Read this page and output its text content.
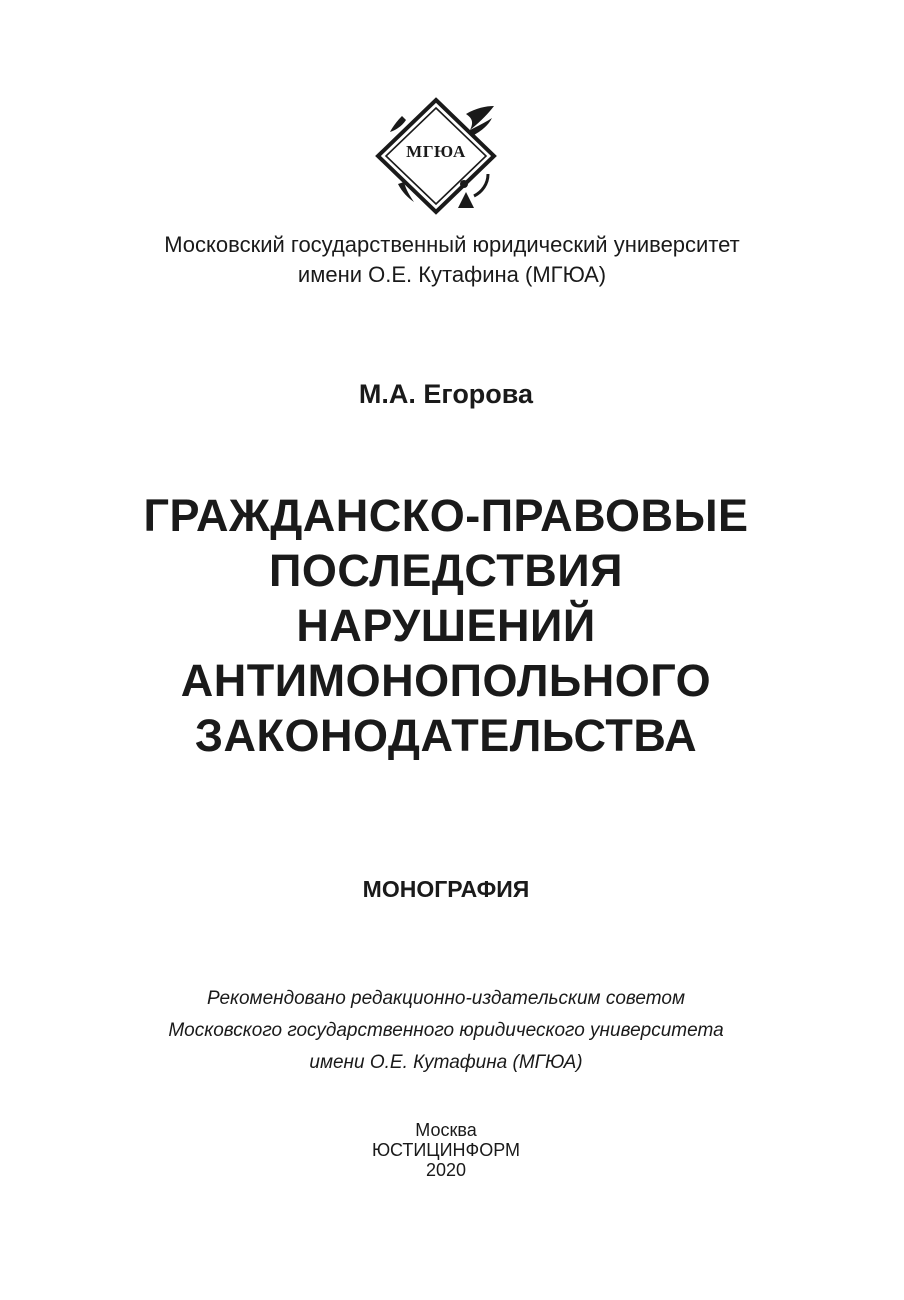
МГЮА
Московский государственный юридический университет
имени О.Е. Кутафина (МГЮА)
М.А. Егорова
ГРАЖДАНСКО-ПРАВОВЫЕ
ПОСЛЕДСТВИЯ
НАРУШЕНИЙ
АНТИМОНОПОЛЬНОГО
ЗАКОНОДАТЕЛЬСТВА
МОНОГРАФИЯ
Рекомендовано редакционно-издательским советом
Московского государственного юридического университета
имени О.Е. Кутафина (МГЮА)
Москва
ЮСТИЦИНФОРМ
2020
